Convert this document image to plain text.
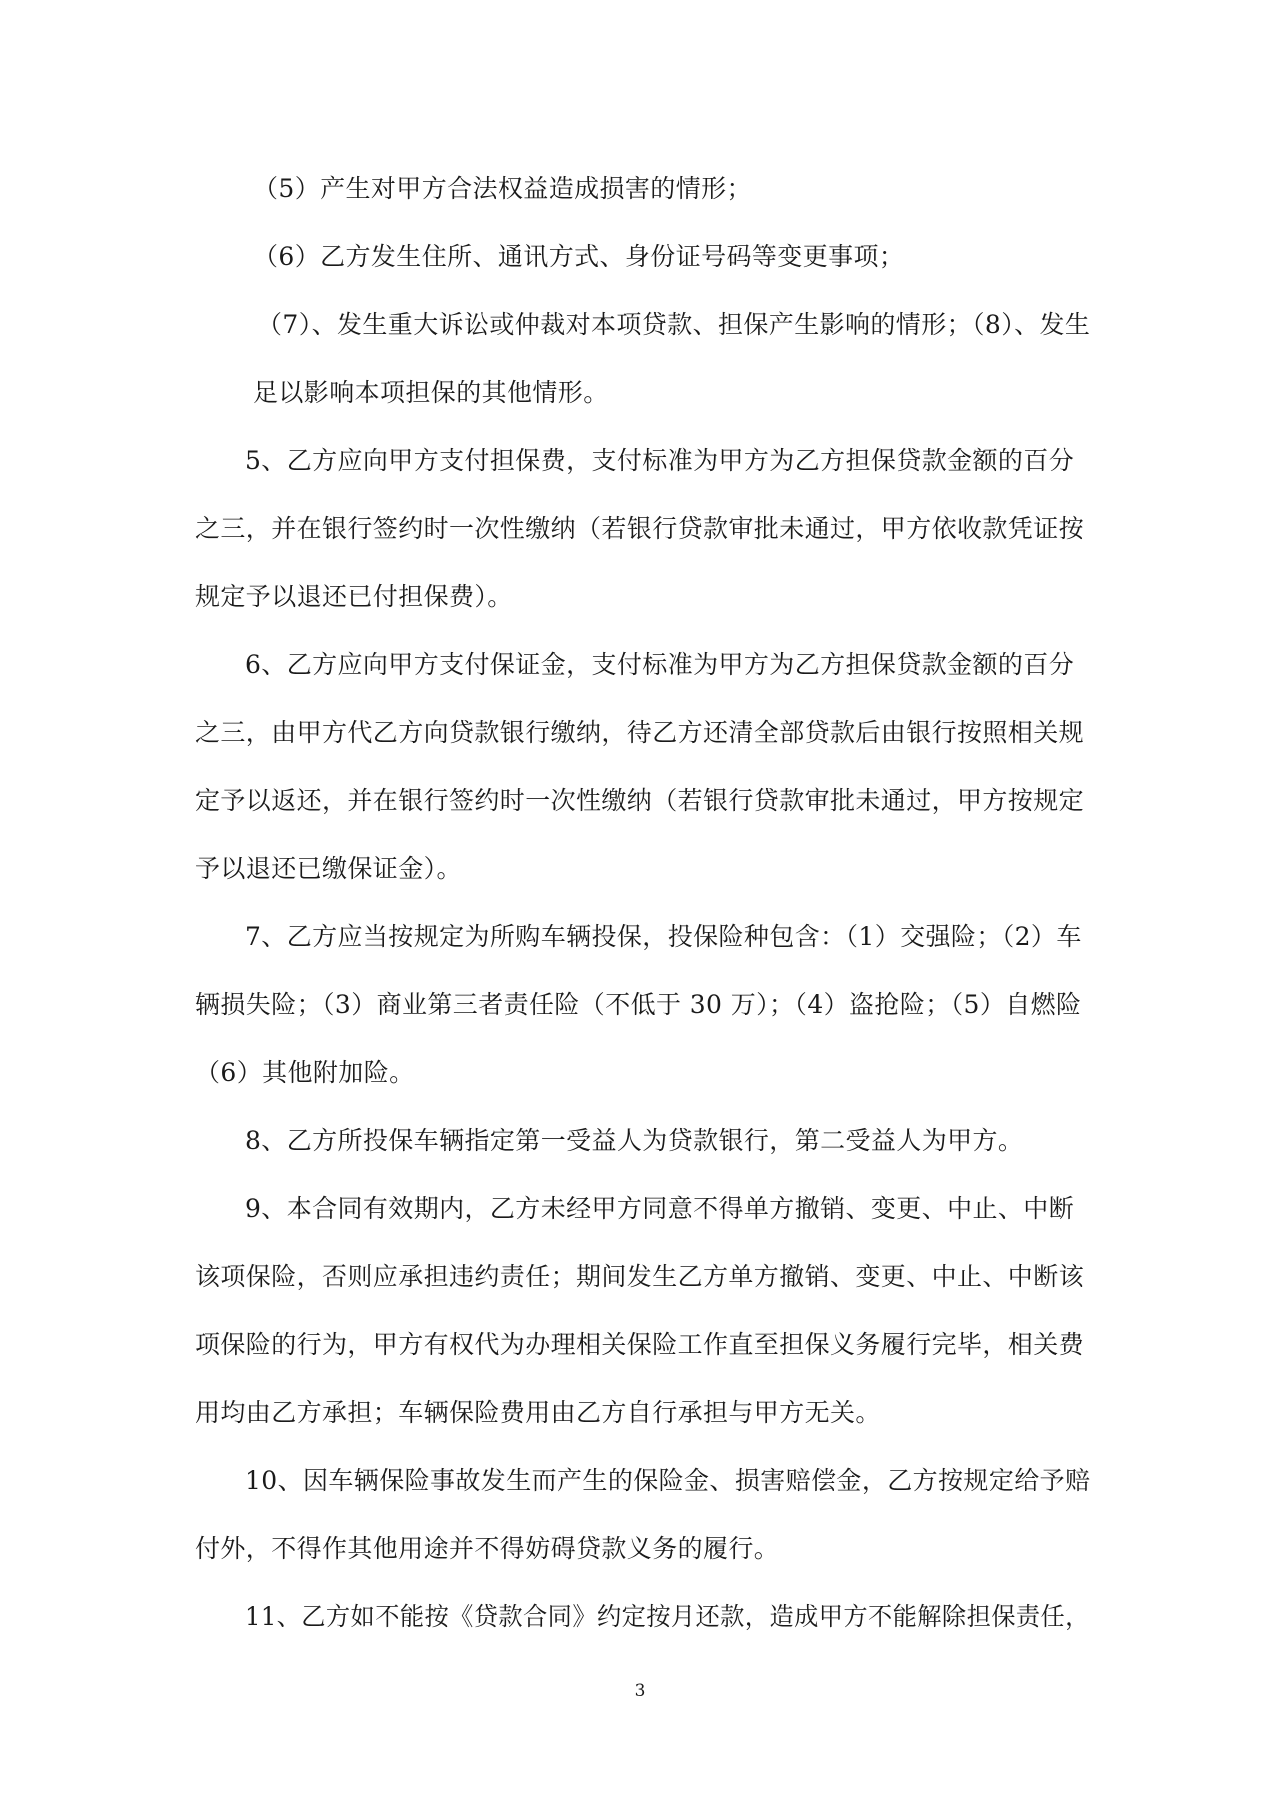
（5）产生对甲方合法权益造成损害的情形；
（6）乙方发生住所、通讯方式、身份证号码等变更事项；
（7）、发生重大诉讼或仲裁对本项贷款、担保产生影响的情形；（8）、发生
足以影响本项担保的其他情形。
5、乙方应向甲方支付担保费，支付标准为甲方为乙方担保贷款金额的百分
之三，并在银行签约时一次性缴纳（若银行贷款审批未通过，甲方依收款凭证按
规定予以退还已付担保费）。
6、乙方应向甲方支付保证金，支付标准为甲方为乙方担保贷款金额的百分
之三，由甲方代乙方向贷款银行缴纳，待乙方还清全部贷款后由银行按照相关规
定予以返还，并在银行签约时一次性缴纳（若银行贷款审批未通过，甲方按规定
予以退还已缴保证金）。
7、乙方应当按规定为所购车辆投保，投保险种包含：（1）交强险；（2）车
辆损失险；（3）商业第三者责任险（不低于 30 万）；（4）盗抢险；（5）自燃险
（6）其他附加险。
8、乙方所投保车辆指定第一受益人为贷款银行，第二受益人为甲方。
9、本合同有效期内，乙方未经甲方同意不得单方撤销、变更、中止、中断
该项保险，否则应承担违约责任；期间发生乙方单方撤销、变更、中止、中断该
项保险的行为，甲方有权代为办理相关保险工作直至担保义务履行完毕，相关费
用均由乙方承担；车辆保险费用由乙方自行承担与甲方无关。
10、因车辆保险事故发生而产生的保险金、损害赔偿金，乙方按规定给予赔
付外，不得作其他用途并不得妨碍贷款义务的履行。
11、乙方如不能按《贷款合同》约定按月还款，造成甲方不能解除担保责任，
3
